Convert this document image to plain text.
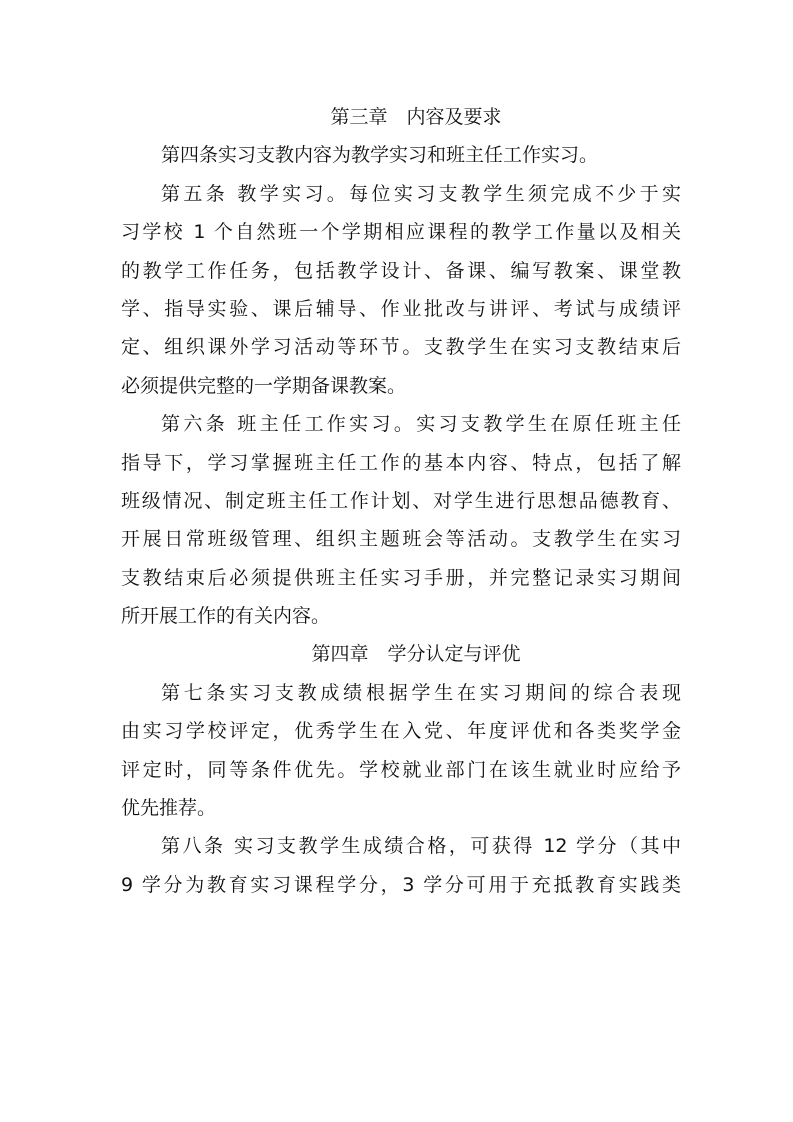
第三章　内容及要求
第四条实习支教内容为教学实习和班主任工作实习。
第五条 教学实习。每位实习支教学生须完成不少于实
习学校 1 个自然班一个学期相应课程的教学工作量以及相关
的教学工作任务，包括教学设计、备课、编写教案、课堂教
学、指导实验、课后辅导、作业批改与讲评、考试与成绩评
定、组织课外学习活动等环节。支教学生在实习支教结束后
必须提供完整的一学期备课教案。
第六条 班主任工作实习。实习支教学生在原任班主任
指导下，学习掌握班主任工作的基本内容、特点，包括了解
班级情况、制定班主任工作计划、对学生进行思想品德教育、
开展日常班级管理、组织主题班会等活动。支教学生在实习
支教结束后必须提供班主任实习手册，并完整记录实习期间
所开展工作的有关内容。
第四章　学分认定与评优
第七条实习支教成绩根据学生在实习期间的综合表现
由实习学校评定，优秀学生在入党、年度评优和各类奖学金
评定时，同等条件优先。学校就业部门在该生就业时应给予
优先推荐。
第八条 实习支教学生成绩合格，可获得 12 学分（其中
9 学分为教育实习课程学分，3 学分可用于充抵教育实践类
